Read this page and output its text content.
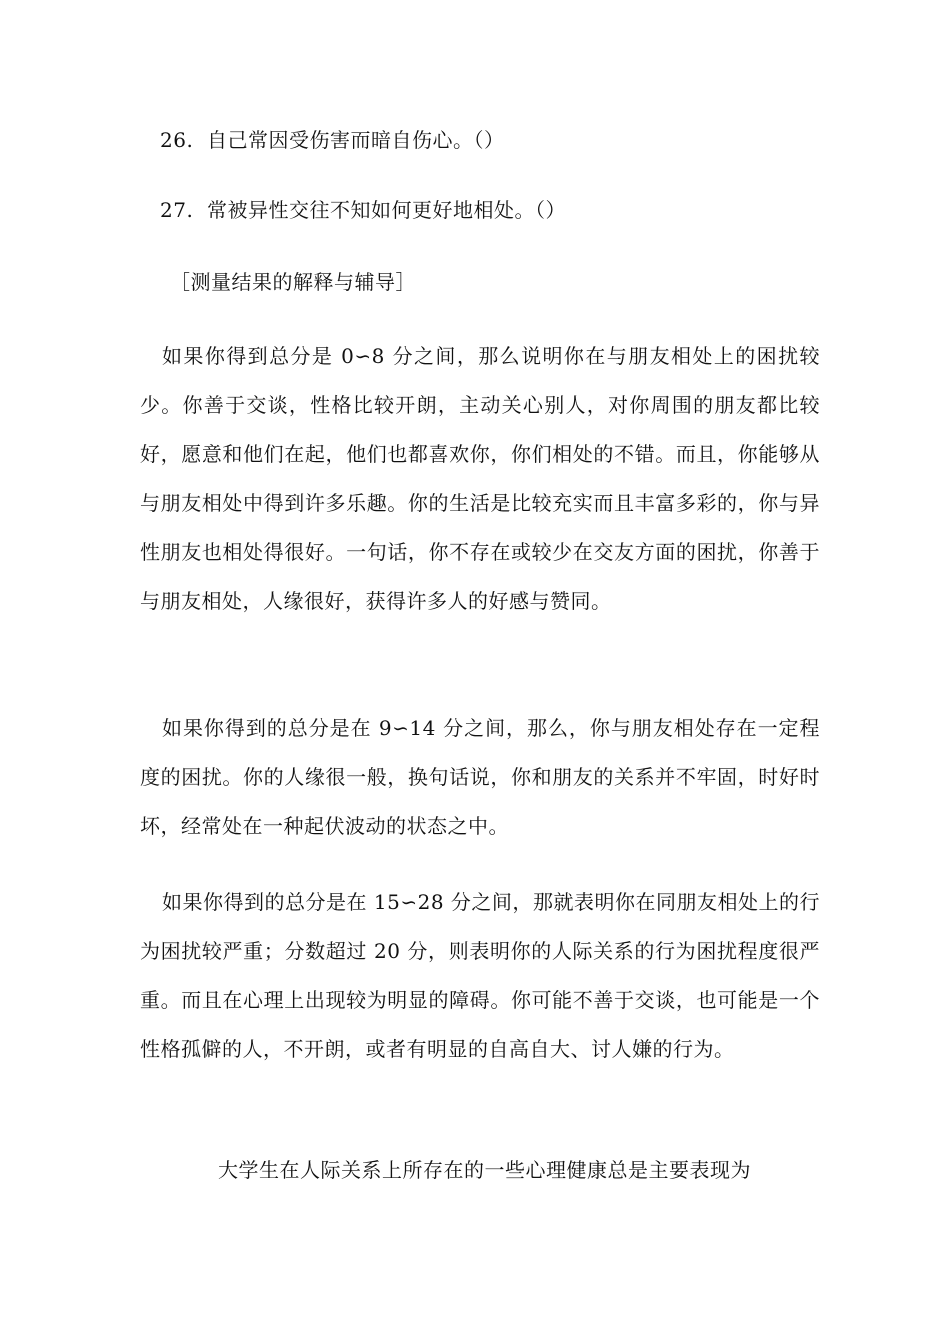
26. 自己常因受伤害而暗自伤心。（）
27. 常被异性交往不知如何更好地相处。（）
［测量结果的解释与辅导］
如果你得到总分是 0∽8 分之间，那么说明你在与朋友相处上的困扰较少。你善于交谈，性格比较开朗，主动关心别人，对你周围的朋友都比较好，愿意和他们在起，他们也都喜欢你，你们相处的不错。而且，你能够从与朋友相处中得到许多乐趣。你的生活是比较充实而且丰富多彩的，你与异性朋友也相处得很好。一句话，你不存在或较少在交友方面的困扰，你善于与朋友相处，人缘很好，获得许多人的好感与赞同。
如果你得到的总分是在 9∽14 分之间，那么，你与朋友相处存在一定程度的困扰。你的人缘很一般，换句话说，你和朋友的关系并不牢固，时好时坏，经常处在一种起伏波动的状态之中。
如果你得到的总分是在 15∽28 分之间，那就表明你在同朋友相处上的行为困扰较严重；分数超过 20 分，则表明你的人际关系的行为困扰程度很严重。而且在心理上出现较为明显的障碍。你可能不善于交谈，也可能是一个性格孤僻的人，不开朗，或者有明显的自高自大、讨人嫌的行为。
大学生在人际关系上所存在的一些心理健康总是主要表现为
